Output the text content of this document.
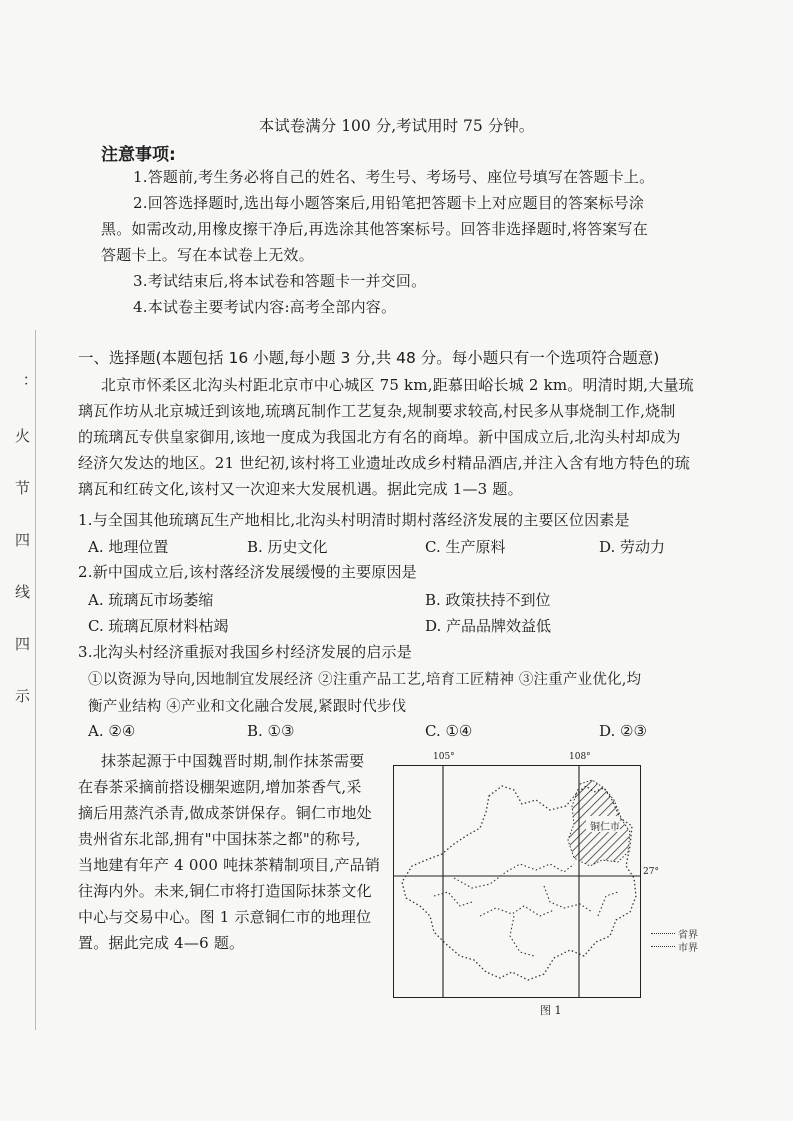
：
火
节
四
线
四
示
本试卷满分 100 分,考试用时 75 分钟。
注意事项:
1.答题前,考生务必将自己的姓名、考生号、考场号、座位号填写在答题卡上。
2.回答选择题时,选出每小题答案后,用铅笔把答题卡上对应题目的答案标号涂
黑。如需改动,用橡皮擦干净后,再选涂其他答案标号。回答非选择题时,将答案写在
答题卡上。写在本试卷上无效。
3.考试结束后,将本试卷和答题卡一并交回。
4.本试卷主要考试内容:高考全部内容。
一、选择题(本题包括 16 小题,每小题 3 分,共 48 分。每小题只有一个选项符合题意)
北京市怀柔区北沟头村距北京市中心城区 75 km,距慕田峪长城 2 km。明清时期,大量琉
璃瓦作坊从北京城迁到该地,琉璃瓦制作工艺复杂,规制要求较高,村民多从事烧制工作,烧制
的琉璃瓦专供皇家御用,该地一度成为我国北方有名的商埠。新中国成立后,北沟头村却成为
经济欠发达的地区。21 世纪初,该村将工业遗址改成乡村精品酒店,并注入含有地方特色的琉
璃瓦和红砖文化,该村又一次迎来大发展机遇。据此完成 1—3 题。
1.与全国其他琉璃瓦生产地相比,北沟头村明清时期村落经济发展的主要区位因素是
A. 地理位置	B. 历史文化	C. 生产原料	D. 劳动力
2.新中国成立后,该村落经济发展缓慢的主要原因是
A. 琉璃瓦市场萎缩	B. 政策扶持不到位
C. 琉璃瓦原材料枯竭	D. 产品品牌效益低
3.北沟头村经济重振对我国乡村经济发展的启示是
①以资源为导向,因地制宜发展经济 ②注重产品工艺,培育工匠精神 ③注重产业优化,均
衡产业结构 ④产业和文化融合发展,紧跟时代步伐
A. ②④	B. ①③	C. ①④	D. ②③
抹茶起源于中国魏晋时期,制作抹茶需要
在春茶采摘前搭设棚架遮阴,增加茶香气,采
摘后用蒸汽杀青,做成茶饼保存。铜仁市地处
贵州省东北部,拥有"中国抹茶之都"的称号,
当地建有年产 4 000 吨抹茶精制项目,产品销
往海内外。未来,铜仁市将打造国际抹茶文化
中心与交易中心。图 1 示意铜仁市的地理位
置。据此完成 4—6 题。
105°	108°
27°
铜仁市
省界
市界
图 1
